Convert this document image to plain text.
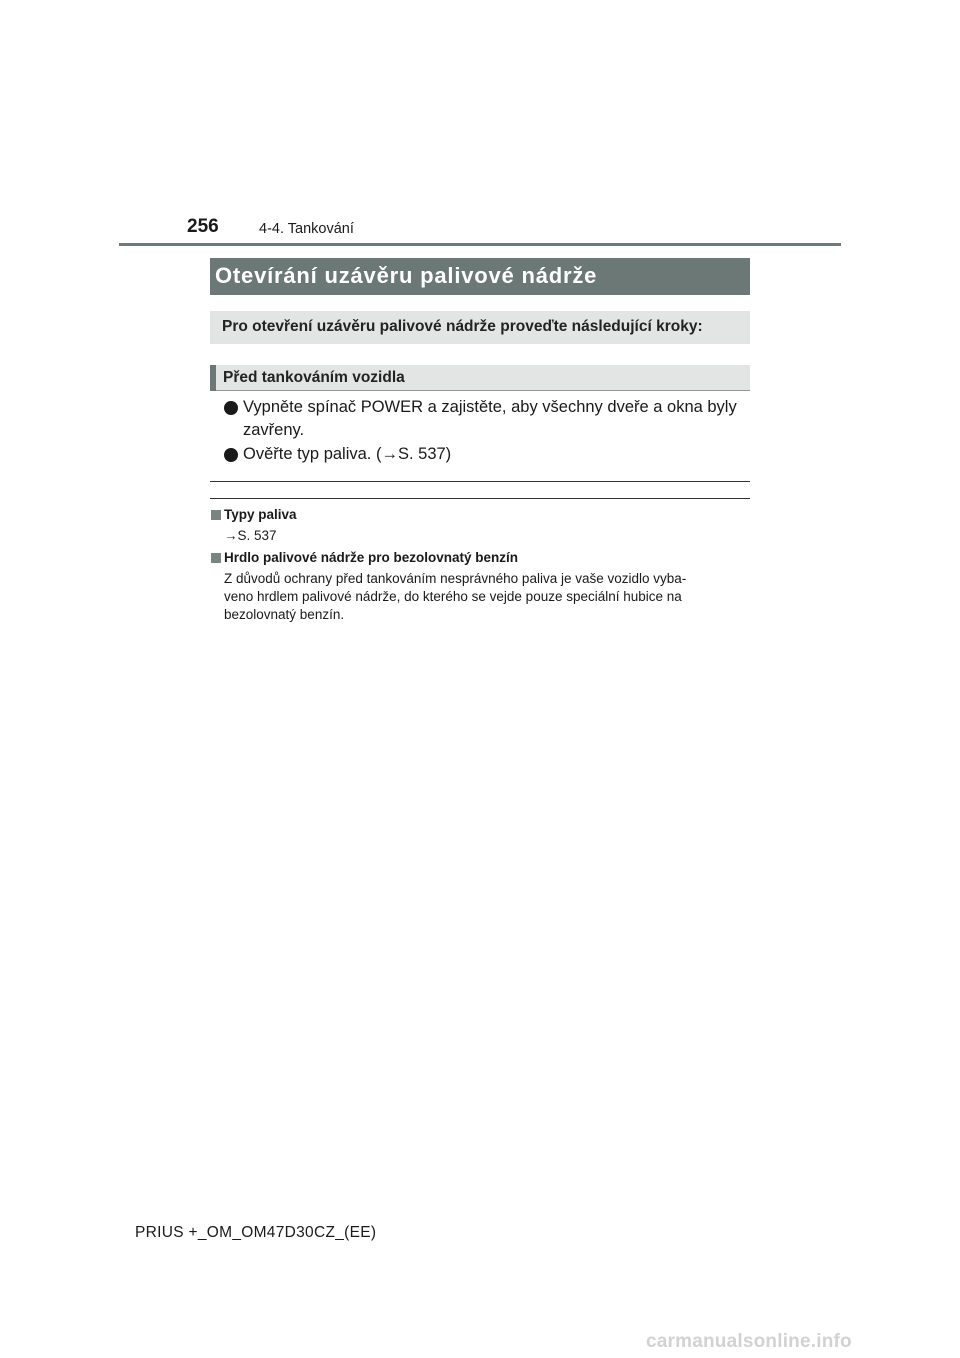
256	4-4. Tankování
Otevírání uzávěru palivové nádrže
Pro otevření uzávěru palivové nádrže proveďte následující kroky:
Před tankováním vozidla
Vypněte spínač POWER a zajistěte, aby všechny dveře a okna byly
zavřeny.
Ověřte typ paliva. (→S. 537)
Typy paliva
→S. 537
Hrdlo palivové nádrže pro bezolovnatý benzín
Z důvodů ochrany před tankováním nesprávného paliva je vaše vozidlo vyba-
veno hrdlem palivové nádrže, do kterého se vejde pouze speciální hubice na
bezolovnatý benzín.
PRIUS +_OM_OM47D30CZ_(EE)
carmanualsonline.info
